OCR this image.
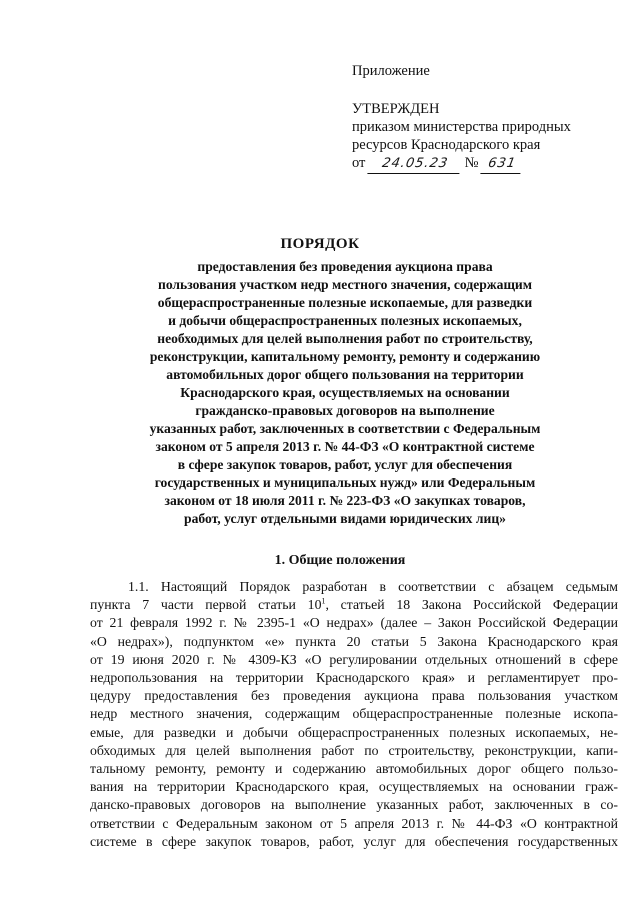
Приложение
УТВЕРЖДЕН
приказом министерства природных
ресурсов Краснодарского края
от 24.05.23 № 631
ПОРЯДОК
предоставления без проведения аукциона права
пользования участком недр местного значения, содержащим
общераспространенные полезные ископаемые, для разведки
и добычи общераспространенных полезных ископаемых,
необходимых для целей выполнения работ по строительству,
реконструкции, капитальному ремонту, ремонту и содержанию
автомобильных дорог общего пользования на территории
Краснодарского края, осуществляемых на основании
гражданско-правовых договоров на выполнение
указанных работ, заключенных в соответствии с Федеральным
законом от 5 апреля 2013 г. № 44-ФЗ «О контрактной системе
в сфере закупок товаров, работ, услуг для обеспечения
государственных и муниципальных нужд» или Федеральным
законом от 18 июля 2011 г. № 223-ФЗ «О закупках товаров,
работ, услуг отдельными видами юридических лиц»
1. Общие положения
1.1. Настоящий Порядок разработан в соответствии с абзацем седьмым
пункта 7 части первой статьи $10^1$, статьей 18 Закона Российской Федерации
от 21 февраля 1992 г. № 2395-1 «О недрах» (далее – Закон Российской Федерации
«О недрах»), подпунктом «е» пункта 20 статьи 5 Закона Краснодарского края
от 19 июня 2020 г. № 4309-КЗ «О регулировании отдельных отношений в сфере
недропользования на территории Краснодарского края» и регламентирует про-
цедуру предоставления без проведения аукциона права пользования участком
недр местного значения, содержащим общераспространенные полезные ископа-
емые, для разведки и добычи общераспространенных полезных ископаемых, не-
обходимых для целей выполнения работ по строительству, реконструкции, капи-
тальному ремонту, ремонту и содержанию автомобильных дорог общего пользо-
вания на территории Краснодарского края, осуществляемых на основании граж-
данско-правовых договоров на выполнение указанных работ, заключенных в со-
ответствии с Федеральным законом от 5 апреля 2013 г. № 44-ФЗ «О контрактной
системе в сфере закупок товаров, работ, услуг для обеспечения государственных
